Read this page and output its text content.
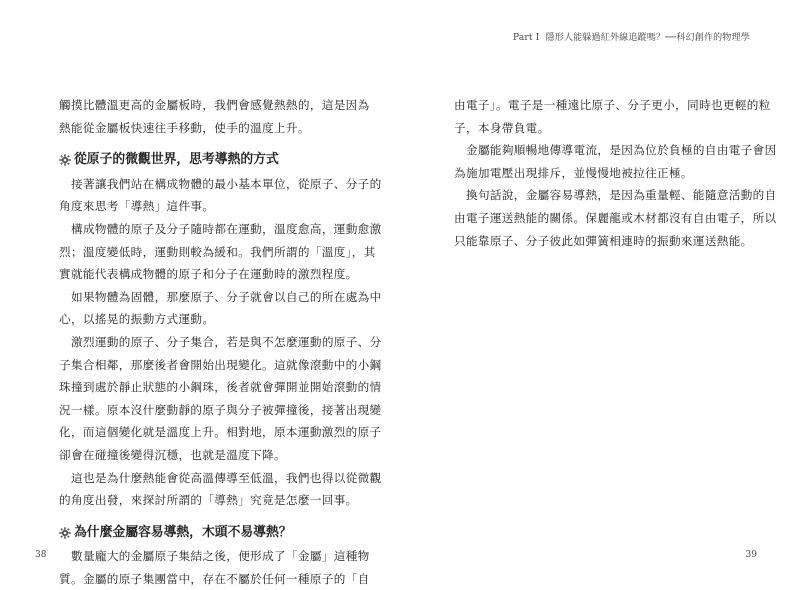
觸摸比體溫更高的金屬板時，我們會感覺熱熱的，這是因為
熱能從金屬板快速往手移動，使手的溫度上升。
從原子的微觀世界，思考導熱的方式
接著讓我們站在構成物體的最小基本單位，從原子、分子的
角度來思考「導熱」這件事。
構成物體的原子及分子隨時都在運動，溫度愈高，運動愈激
烈；溫度變低時，運動則較為緩和。我們所謂的「溫度」，其
實就能代表構成物體的原子和分子在運動時的激烈程度。
如果物體為固體，那麼原子、分子就會以自己的所在處為中
心，以搖晃的振動方式運動。
激烈運動的原子、分子集合，若是與不怎麼運動的原子、分
子集合相鄰，那麼後者會開始出現變化。這就像滾動中的小鋼
珠撞到處於靜止狀態的小鋼珠，後者就會彈開並開始滾動的情
況一樣。原本沒什麼動靜的原子與分子被彈撞後，接著出現變
化，而這個變化就是溫度上升。相對地，原本運動激烈的原子
卻會在碰撞後變得沉穩，也就是溫度下降。
這也是為什麼熱能會從高溫傳導至低溫，我們也得以從微觀
的角度出發，來探討所謂的「導熱」究竟是怎麼一回事。
為什麼金屬容易導熱，木頭不易導熱？
數量龐大的金屬原子集結之後，便形成了「金屬」這種物
質。金屬的原子集團當中，存在不屬於任何一種原子的「自
38
Part I 隱形人能躲過紅外線追蹤嗎？──科幻創作的物理學
由電子」。電子是一種遠比原子、分子更小，同時也更輕的粒
子，本身帶負電。
金屬能夠順暢地傳導電流，是因為位於負極的自由電子會因
為施加電壓出現排斥，並慢慢地被拉往正極。
換句話說，金屬容易導熱，是因為重量輕、能隨意活動的自
由電子運送熱能的關係。保麗龍或木材都沒有自由電子，所以
只能靠原子、分子彼此如彈簧相連時的振動來運送熱能。
39
